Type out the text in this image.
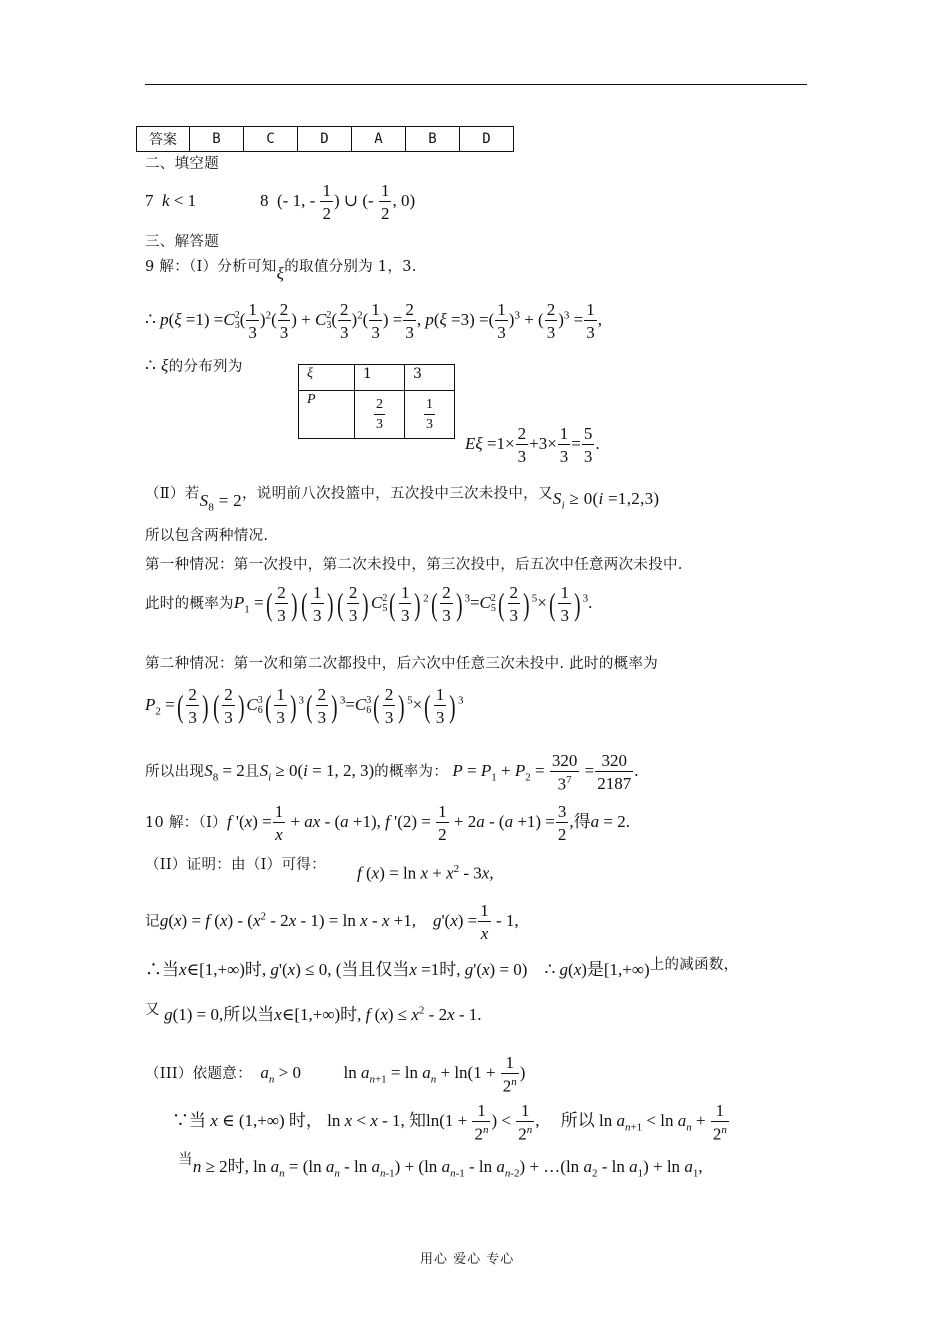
答案	B	C	D	A	B	D
二、填空题
7 k < 1	8  (- 1, - $\frac{1}{2}$ ) ∪ (- $\frac{1}{2}$ , 0)
三、解答题
9 解：（Ⅰ）分析可知ξ的取值分别为 1，3.
∴ p(ξ =1) =C 2
3 ( $\frac{1}{3} )^2( \frac{2}{3}$ ) + C 2
3 ( $\frac{2}{3} )^2( \frac{1}{3}$ ) = $\frac{2}{3}$ , p(ξ =3) =( $\frac{1}{3} )^3$ + ( $\frac{2}{3} )^3 = \frac{1}{3}$ ,
∴ ξ的分布列为	ξ	1	3
P	$\frac{2}{3}$	$\frac{1}{3}$
$E\xi =1\times \frac{2}{3} +3\times \frac{1}{3} = \frac{5}{3}$ .
（Ⅱ）若$S_8 = 2$，说明前八次投篮中，五次投中三次未投中，又$S_i \ge 0(i =1,2,3)$
所以包含两种情况.
第一种情况：第一次投中，第二次未投中，第三次投中，后五次中任意两次未投中.
此时的概率为$P_1$ =( $\frac{2}{3}$ ) ( $\frac{1}{3}$ ) ( $\frac{2}{3}$ ) C 2
5 ( $\frac{1}{3}$ ) $^2( \frac{2}{3}$ ) $^3$=C 2
5 ( $\frac{2}{3}$ ) $^5\times( \frac{1}{3}$ ) $^3$.
第二种情况：第一次和第二次都投中，后六次中任意三次未投中. 此时的概率为
$P_2$ =( $\frac{2}{3}$ ) ( $\frac{2}{3}$ ) C 3
6 ( $\frac{1}{3}$ ) $^3( \frac{2}{3}$ ) $^3$=C 3
6 ( $\frac{2}{3}$ ) $^5\times( \frac{1}{3}$ ) $^3$
所以出现$S_8 = 2$且$S_i \ge 0(i = 1$, 2, 3)的概率为： $P = P_1 + P_2 = \frac{320}{3^7} = \frac{320}{2187}$ .
10 解：（I）f '$(x) = \frac{1}{x}$ + ax - (a +1), f '$(2) = \frac{1}{2} + 2a - (a +1) = \frac{3}{2}$ ,得a = 2.
（II）证明：由（I）可得： f $(x) = \ln x + x^2 - 3x$,
记g(x) = f $(x) - (x^2 - 2x - 1) = \ln x - x +1$,    $g'(x) = \frac{1}{x} - 1$,
∴当x∈[1,+∞)时, g'(x) ≤ 0, (当且仅当x =1时, g'(x) = 0)    ∴ g(x)是[1,+∞)上的减函数，
又 g(1) = 0,所以当x∈[1,+∞)时, f $(x) \le x^2 - 2x - 1$.
（III）依题意： $a_n > 0$          $\ln a_{n+1} = \ln a_n + \ln(1 + \frac{1}{2^n}$ )
∵当 x ∈ (1,+∞) 时， ln x < x - 1, 知$\ln(1 + \frac{1}{2^n}$ ) < $\frac{1}{2^n}$ ,     所以 $\ln a_{n+1} < \ln a_n + \frac{1}{2^n}$
当n ≥ 2时, $\ln a_n = (\ln$ $a_n - \ln a_{n-1}) + (\ln$ $a_{n-1}$ - $\ln a_{n-2}$) + …(ln $a_2 - \ln a_1) + \ln a_1$,
用心 爱心 专心
